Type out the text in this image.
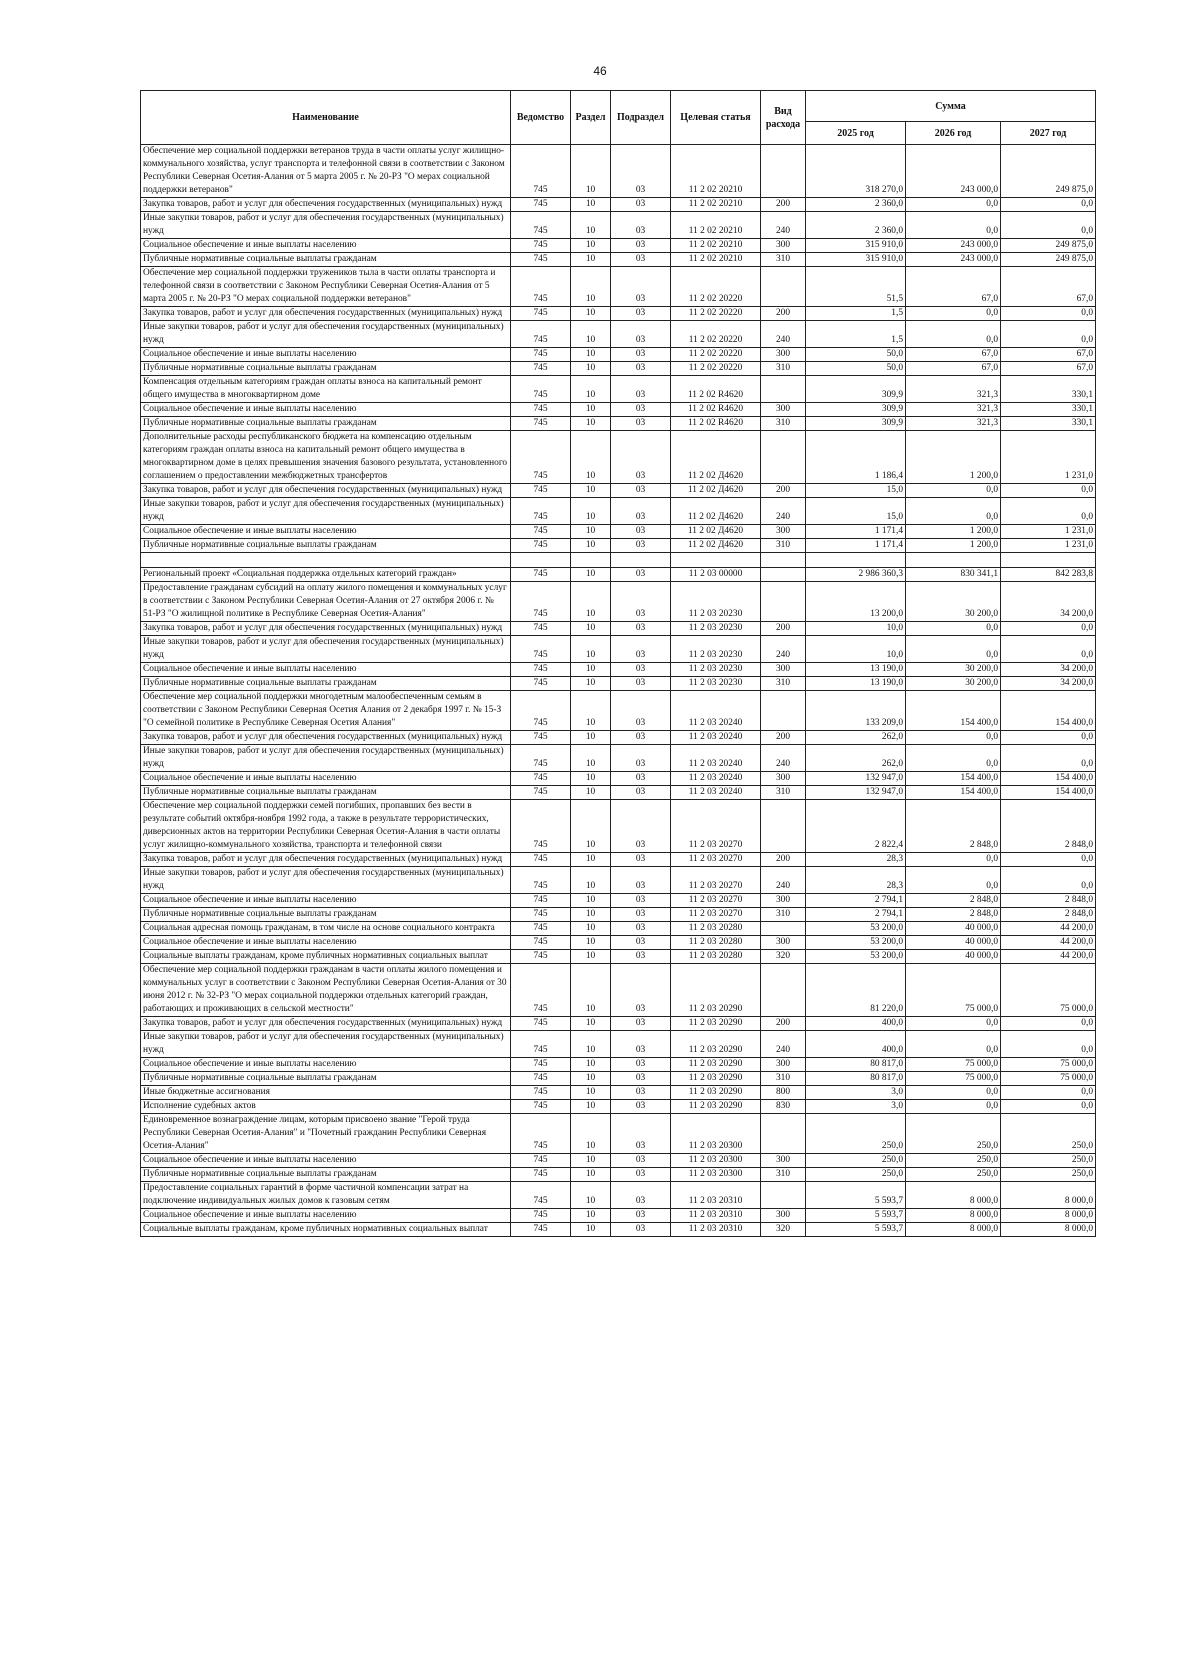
46
Наименование	Ведомство	Раздел	Подраздел	Целевая статья	Вид расхода	Сумма		
						2025 год	2026 год	2027 год
Обеспечение мер социальной поддержки ветеранов труда в части оплаты услуг жилищно-коммунального хозяйства, услуг транспорта и телефонной связи в соответствии с Законом Республики Северная Осетия-Алания от 5 марта 2005 г. № 20-РЗ "О мерах социальной поддержки ветеранов"	745	10	03	11 2 02 20210		318 270,0	243 000,0	249 875,0
Закупка товаров, работ и услуг для обеспечения государственных (муниципальных) нужд	745	10	03	11 2 02 20210	200	2 360,0	0,0	0,0
Иные закупки товаров, работ и услуг для обеспечения государственных (муниципальных) нужд	745	10	03	11 2 02 20210	240	2 360,0	0,0	0,0
Социальное обеспечение и иные выплаты населению	745	10	03	11 2 02 20210	300	315 910,0	243 000,0	249 875,0
Публичные нормативные социальные выплаты гражданам	745	10	03	11 2 02 20210	310	315 910,0	243 000,0	249 875,0
Обеспечение мер социальной поддержки тружеников тыла в части оплаты транспорта и телефонной связи в соответствии с Законом Республики Северная Осетия-Алания от 5 марта 2005 г. № 20-РЗ "О мерах социальной поддержки ветеранов"	745	10	03	11 2 02 20220		51,5	67,0	67,0
Закупка товаров, работ и услуг для обеспечения государственных (муниципальных) нужд	745	10	03	11 2 02 20220	200	1,5	0,0	0,0
Иные закупки товаров, работ и услуг для обеспечения государственных (муниципальных) нужд	745	10	03	11 2 02 20220	240	1,5	0,0	0,0
Социальное обеспечение и иные выплаты населению	745	10	03	11 2 02 20220	300	50,0	67,0	67,0
Публичные нормативные социальные выплаты гражданам	745	10	03	11 2 02 20220	310	50,0	67,0	67,0
Компенсация отдельным категориям граждан оплаты взноса на капитальный ремонт общего имущества в многоквартирном доме	745	10	03	11 2 02 R4620		309,9	321,3	330,1
Социальное обеспечение и иные выплаты населению	745	10	03	11 2 02 R4620	300	309,9	321,3	330,1
Публичные нормативные социальные выплаты гражданам	745	10	03	11 2 02 R4620	310	309,9	321,3	330,1
Дополнительные расходы республиканского бюджета на компенсацию отдельным категориям граждан оплаты взноса на капитальный ремонт общего имущества в многоквартирном доме в целях превышения значения базового результата, установленного соглашением о предоставлении межбюджетных трансфертов	745	10	03	11 2 02 Д4620		1 186,4	1 200,0	1 231,0
Закупка товаров, работ и услуг для обеспечения государственных (муниципальных) нужд	745	10	03	11 2 02 Д4620	200	15,0	0,0	0,0
Иные закупки товаров, работ и услуг для обеспечения государственных (муниципальных) нужд	745	10	03	11 2 02 Д4620	240	15,0	0,0	0,0
Социальное обеспечение и иные выплаты населению	745	10	03	11 2 02 Д4620	300	1 171,4	1 200,0	1 231,0
Публичные нормативные социальные выплаты гражданам	745	10	03	11 2 02 Д4620	310	1 171,4	1 200,0	1 231,0

Региональный проект «Социальная поддержка отдельных категорий граждан»	745	10	03	11 2 03 00000		2 986 360,3	830 341,1	842 283,8
Предоставление гражданам субсидий на оплату жилого помещения и коммунальных услуг в соответствии с Законом Республики Северная Осетия-Алания от 27 октября 2006 г. № 51-РЗ "О жилищной политике в Республике Северная Осетия-Алания"	745	10	03	11 2 03 20230		13 200,0	30 200,0	34 200,0
Закупка товаров, работ и услуг для обеспечения государственных (муниципальных) нужд	745	10	03	11 2 03 20230	200	10,0	0,0	0,0
Иные закупки товаров, работ и услуг для обеспечения государственных (муниципальных) нужд	745	10	03	11 2 03 20230	240	10,0	0,0	0,0
Социальное обеспечение и иные выплаты населению	745	10	03	11 2 03 20230	300	13 190,0	30 200,0	34 200,0
Публичные нормативные социальные выплаты гражданам	745	10	03	11 2 03 20230	310	13 190,0	30 200,0	34 200,0
Обеспечение мер социальной поддержки многодетным малообеспеченным семьям в соответствии с Законом Республики Северная Осетия Алания от 2 декабря 1997 г. № 15-З "О семейной политике в Республике Северная Осетия Алания"	745	10	03	11 2 03 20240		133 209,0	154 400,0	154 400,0
Закупка товаров, работ и услуг для обеспечения государственных (муниципальных) нужд	745	10	03	11 2 03 20240	200	262,0	0,0	0,0
Иные закупки товаров, работ и услуг для обеспечения государственных (муниципальных) нужд	745	10	03	11 2 03 20240	240	262,0	0,0	0,0
Социальное обеспечение и иные выплаты населению	745	10	03	11 2 03 20240	300	132 947,0	154 400,0	154 400,0
Публичные нормативные социальные выплаты гражданам	745	10	03	11 2 03 20240	310	132 947,0	154 400,0	154 400,0
Обеспечение мер социальной поддержки семей погибших, пропавших без вести в результате событий октября-ноября 1992 года, а также в результате террористических, диверсионных актов на территории Республики Северная Осетия-Алания в части оплаты услуг жилищно-коммунального хозяйства, транспорта и телефонной связи	745	10	03	11 2 03 20270		2 822,4	2 848,0	2 848,0
Закупка товаров, работ и услуг для обеспечения государственных (муниципальных) нужд	745	10	03	11 2 03 20270	200	28,3	0,0	0,0
Иные закупки товаров, работ и услуг для обеспечения государственных (муниципальных) нужд	745	10	03	11 2 03 20270	240	28,3	0,0	0,0
Социальное обеспечение и иные выплаты населению	745	10	03	11 2 03 20270	300	2 794,1	2 848,0	2 848,0
Публичные нормативные социальные выплаты гражданам	745	10	03	11 2 03 20270	310	2 794,1	2 848,0	2 848,0
Социальная адресная помощь гражданам, в том числе на основе социального контракта	745	10	03	11 2 03 20280		53 200,0	40 000,0	44 200,0
Социальное обеспечение и иные выплаты населению	745	10	03	11 2 03 20280	300	53 200,0	40 000,0	44 200,0
Социальные выплаты гражданам, кроме публичных нормативных социальных выплат	745	10	03	11 2 03 20280	320	53 200,0	40 000,0	44 200,0
Обеспечение мер социальной поддержки гражданам в части оплаты жилого помещения и коммунальных услуг в соответствии с Законом Республики Северная Осетия-Алания от 30 июня 2012 г. № 32-РЗ "О мерах социальной поддержки отдельных категорий граждан, работающих и проживающих в сельской местности"	745	10	03	11 2 03 20290		81 220,0	75 000,0	75 000,0
Закупка товаров, работ и услуг для обеспечения государственных (муниципальных) нужд	745	10	03	11 2 03 20290	200	400,0	0,0	0,0
Иные закупки товаров, работ и услуг для обеспечения государственных (муниципальных) нужд	745	10	03	11 2 03 20290	240	400,0	0,0	0,0
Социальное обеспечение и иные выплаты населению	745	10	03	11 2 03 20290	300	80 817,0	75 000,0	75 000,0
Публичные нормативные социальные выплаты гражданам	745	10	03	11 2 03 20290	310	80 817,0	75 000,0	75 000,0
Иные бюджетные ассигнования	745	10	03	11 2 03 20290	800	3,0	0,0	0,0
Исполнение судебных актов	745	10	03	11 2 03 20290	830	3,0	0,0	0,0
Единовременное вознаграждение лицам, которым присвоено звание "Герой труда Республики Северная Осетия-Алания" и "Почетный гражданин Республики Северная Осетия-Алания"	745	10	03	11 2 03 20300		250,0	250,0	250,0
Социальное обеспечение и иные выплаты населению	745	10	03	11 2 03 20300	300	250,0	250,0	250,0
Публичные нормативные социальные выплаты гражданам	745	10	03	11 2 03 20300	310	250,0	250,0	250,0
Предоставление социальных гарантий в форме частичной компенсации затрат на подключение индивидуальных жилых домов к газовым сетям	745	10	03	11 2 03 20310		5 593,7	8 000,0	8 000,0
Социальное обеспечение и иные выплаты населению	745	10	03	11 2 03 20310	300	5 593,7	8 000,0	8 000,0
Социальные выплаты гражданам, кроме публичных нормативных социальных выплат	745	10	03	11 2 03 20310	320	5 593,7	8 000,0	8 000,0
